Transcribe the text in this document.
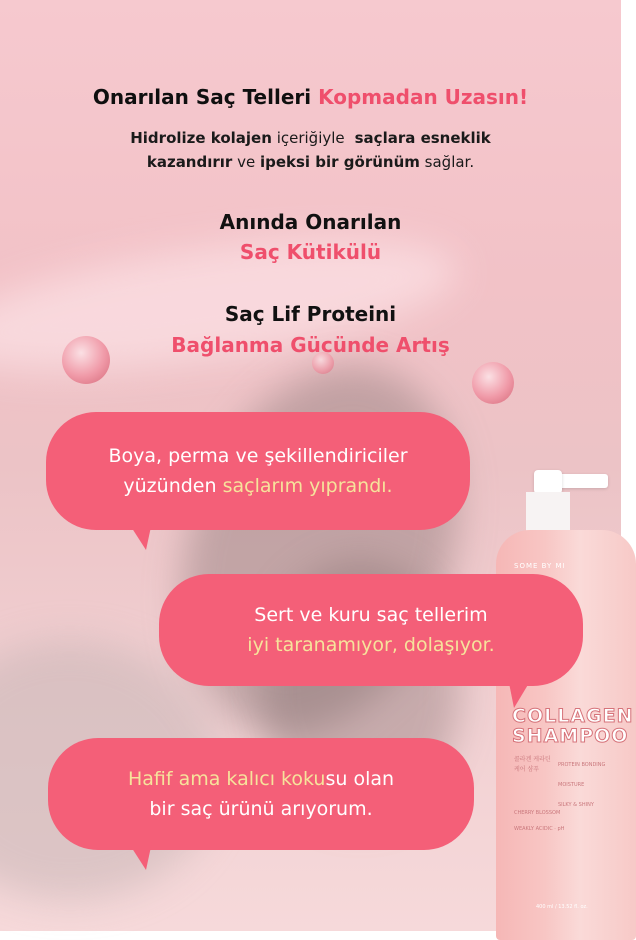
SOME BY MI
COLLAGEN
SHAMPOO
콜라겐 케라틴 케어 샴푸
PROTEIN BONDING
MOISTURE
SILKY & SHINY
CHERRY BLOSSOM
WEAKLY ACIDIC · pH
400 ml / 13.52 fl. oz.
Onarılan Saç Telleri Kopmadan Uzasın!
Hidrolize kolajen içeriğiyle  saçlara esneklik
kazandırır ve ipeksi bir görünüm sağlar.
Anında Onarılan
Saç Kütikülü
Saç Lif Proteini
Bağlanma Gücünde Artış
Boya, perma ve şekillendiriciler
yüzünden saçlarım yıprandı.
Sert ve kuru saç tellerim
iyi taranamıyor, dolaşıyor.
Hafif ama kalıcı kokusu olan
bir saç ürünü arıyorum.
